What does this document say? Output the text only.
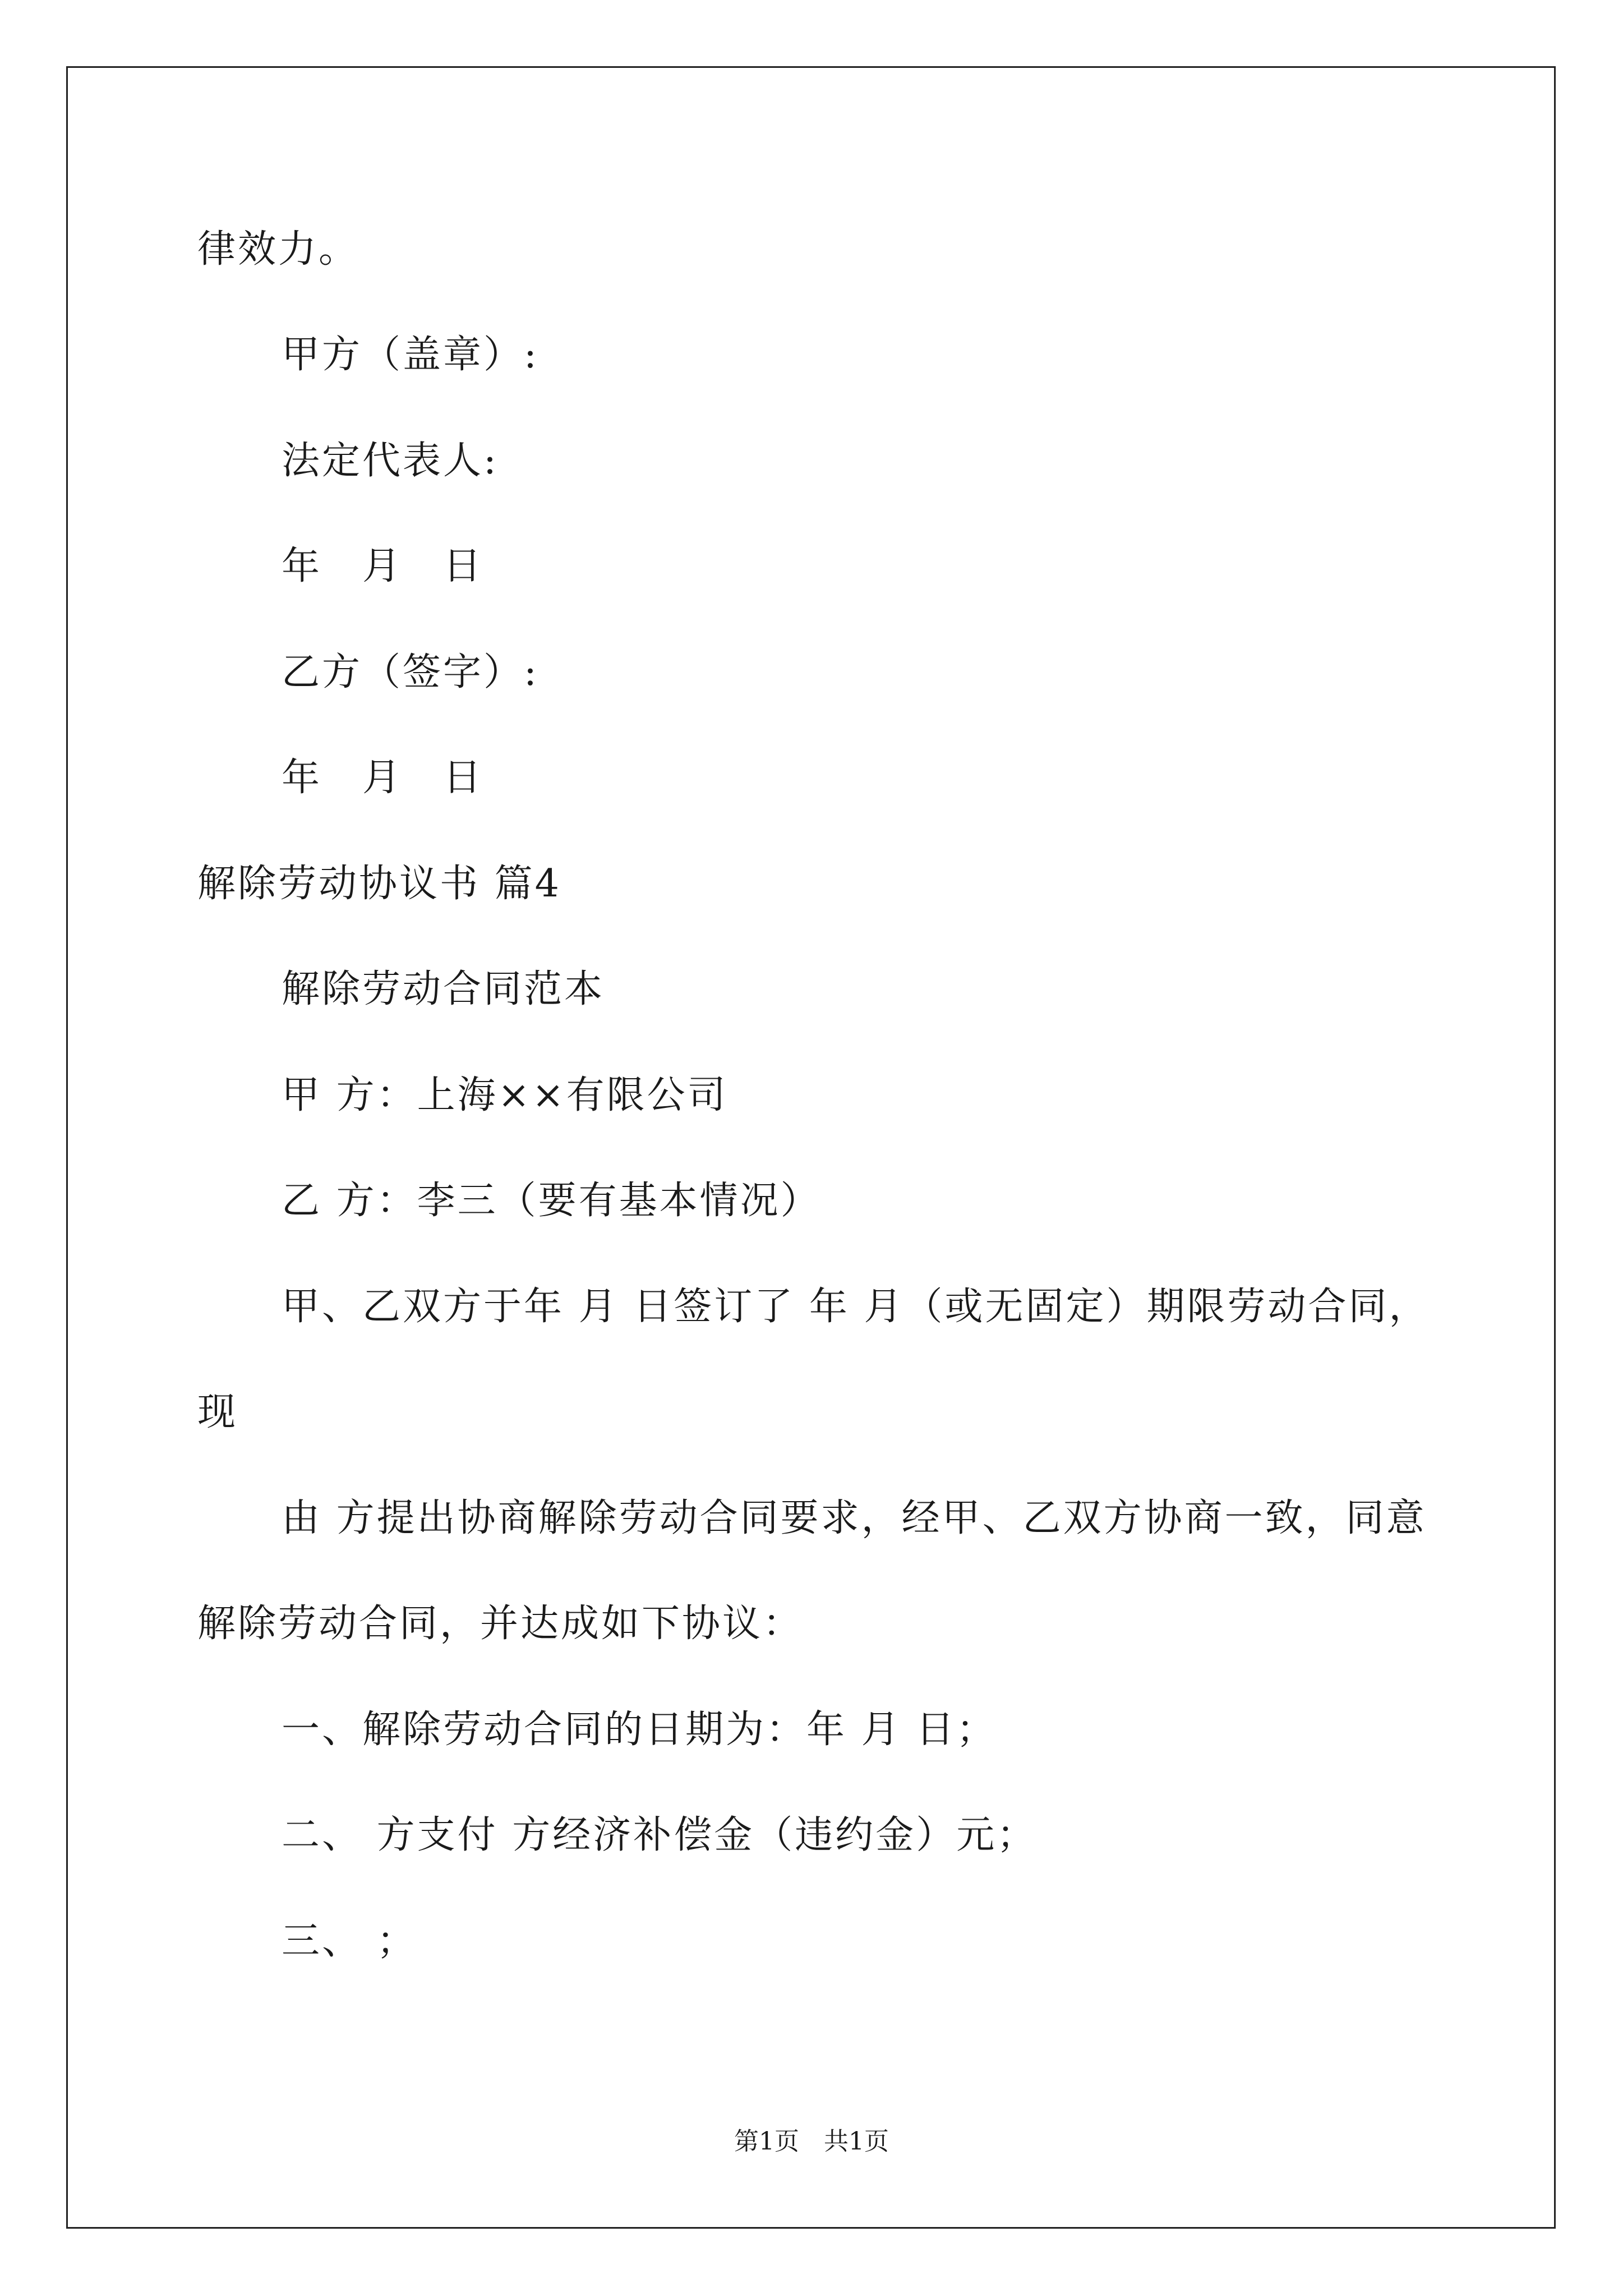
律效力。
甲方（盖章）:
法定代表人:
年　月　日
乙方（签字）:
年　月　日
解除劳动协议书 篇4
解除劳动合同范本
甲 方：上海××有限公司
乙 方：李三（要有基本情况）
甲、乙双方于年 月 日签订了 年 月（或无固定）期限劳动合同，
现
由 方提出协商解除劳动合同要求，经甲、乙双方协商一致，同意
解除劳动合同，并达成如下协议：
一、解除劳动合同的日期为：年 月 日；
二、 方支付 方经济补偿金（违约金）元；
三、 ；
第1页　共1页
